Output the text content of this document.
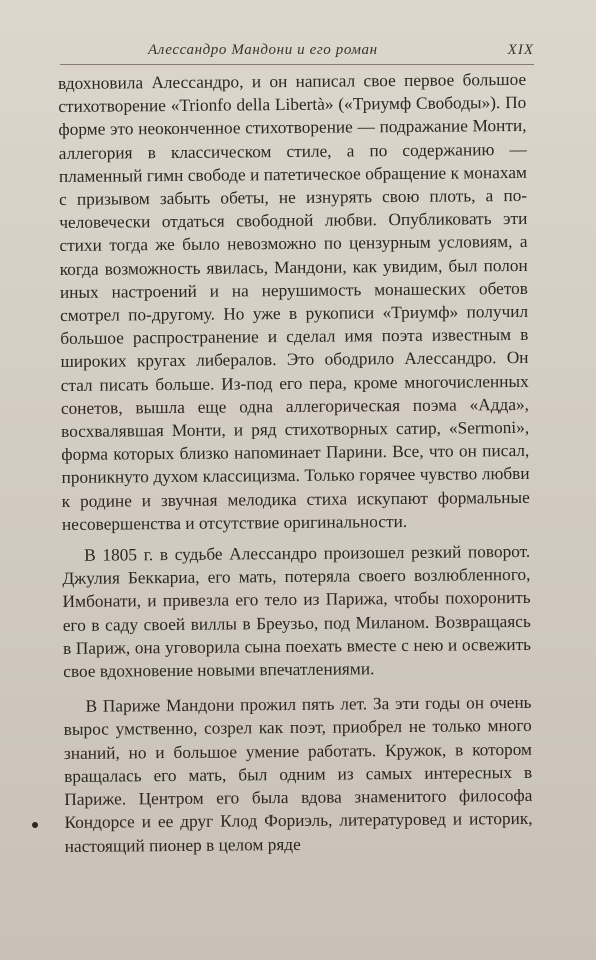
Алессандро Мандони и его роман	XIX

вдохновила Алессандро, и он написал свое первое большое стихотворение «Trionfo della Libertà» («Триумф Свободы»). По форме это неоконченное стихотворение — подражание Монти, аллегория в классическом стиле, а по содержанию — пламенный гимн свободе и патетическое обращение к монахам с призывом забыть обеты, не изнурять свою плоть, а по-человечески отдаться свободной любви. Опубликовать эти стихи тогда же было невозможно по цензурным условиям, а когда возможность явилась, Мандони, как увидим, был полон иных настроений и на нерушимость монашеских обетов смотрел по-другому. Но уже в рукописи «Триумф» получил большое распространение и сделал имя поэта известным в широких кругах либералов. Это ободрило Алессандро. Он стал писать больше. Из-под его пера, кроме многочисленных сонетов, вышла еще одна аллегорическая поэма «Адда», восхвалявшая Монти, и ряд стихотворных сатир, «Sermoni», форма которых близко напоминает Парини. Все, что он писал, проникнуто духом классицизма. Только горячее чувство любви к родине и звучная мелодика стиха искупают формальные несовершенства и отсутствие оригинальности.

В 1805 г. в судьбе Алессандро произошел резкий поворот. Джулия Беккариа, его мать, потеряла своего возлюбленного, Имбонати, и привезла его тело из Парижа, чтобы похоронить его в саду своей виллы в Бреузьо, под Миланом. Возвращаясь в Париж, она уговорила сына поехать вместе с нею и освежить свое вдохновение новыми впечатлениями.

В Париже Мандони прожил пять лет. За эти годы он очень вырос умственно, созрел как поэт, приобрел не только много знаний, но и большое умение работать. Кружок, в котором вращалась его мать, был одним из самых интересных в Париже. Центром его была вдова знаменитого философа Кондорсе и ее друг Клод Фориэль, литературовед и историк, настоящий пионер в целом ряде
